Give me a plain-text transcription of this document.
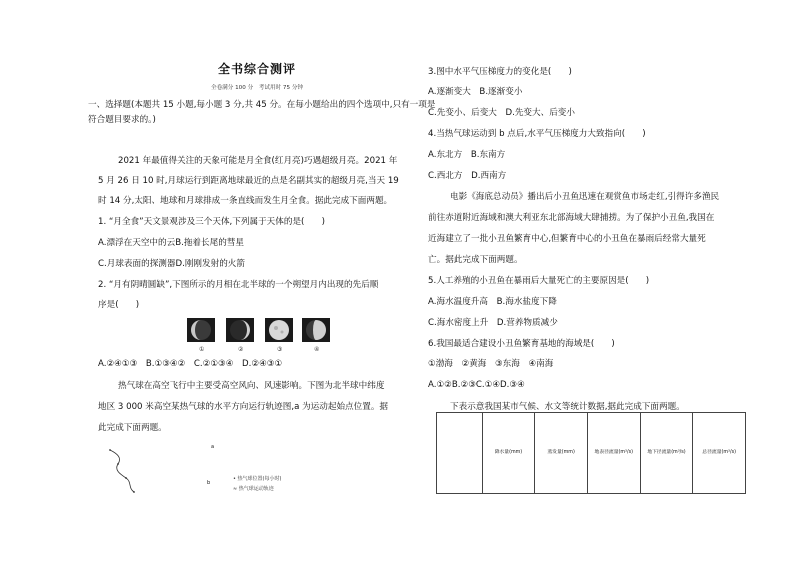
全书综合测评
全卷满分 100 分　考试用时 75 分钟
一、选择题(本题共 15 小题,每小题 3 分,共 45 分。在每小题给出的四个选项中,只有一项是
符合题目要求的。)
2021 年最值得关注的天象可能是月全食(红月亮)巧遇超级月亮。2021 年
5 月 26 日 10 时,月球运行到距离地球最近的点是名副其实的超级月亮,当天 19
时 14 分,太阳、地球和月球排成一条直线而发生月全食。据此完成下面两题。
1. “月全食”天文景观涉及三个天体,下列属于天体的是(　　)
A.漂浮在天空中的云B.拖着长尾的彗星
C.月球表面的探测器D.刚刚发射的火箭
2. “月有阴晴圆缺”,下图所示的月相在北半球的一个朔望月内出现的先后顺
序是(　　)
①	②	③	④
A.②④①③　B.①③④②　C.②①③④　D.②④③①
热气球在高空飞行中主要受高空风向、风速影响。下图为北半球中纬度
地区 3 000 米高空某热气球的水平方向运行轨迹图,a 为运动起始点位置。据
此完成下面两题。
a
b
• 热气球位置(每小时)
≈ 热气球运动轨迹
3.图中水平气压梯度力的变化是(　　)
A.逐渐变大　B.逐渐变小
C.先变小、后变大　D.先变大、后变小
4.当热气球运动到 b 点后,水平气压梯度力大致指向(　　)
A.东北方　B.东南方
C.西北方　D.西南方
电影《海底总动员》播出后小丑鱼迅速在观赏鱼市场走红,引得许多渔民
前往赤道附近海域和澳大利亚东北部海域大肆捕捞。为了保护小丑鱼,我国在
近海建立了一批小丑鱼繁育中心,但繁育中心的小丑鱼在暴雨后经常大量死
亡。据此完成下面两题。
5.人工养殖的小丑鱼在暴雨后大量死亡的主要原因是(　　)
A.海水温度升高　B.海水盐度下降
C.海水密度上升　D.营养物质减少
6.我国最适合建设小丑鱼繁育基地的海域是(　　)
①渤海　②黄海　③东海　④南海
A.①②B.②③C.①④D.③④
下表示意我国某市气候、水文等统计数据,据此完成下面两题。
	降水量(mm)	蒸发量(mm)	地表径流量(m³/s)	地下径流量(m³/s)	总径流量(m³/s)
